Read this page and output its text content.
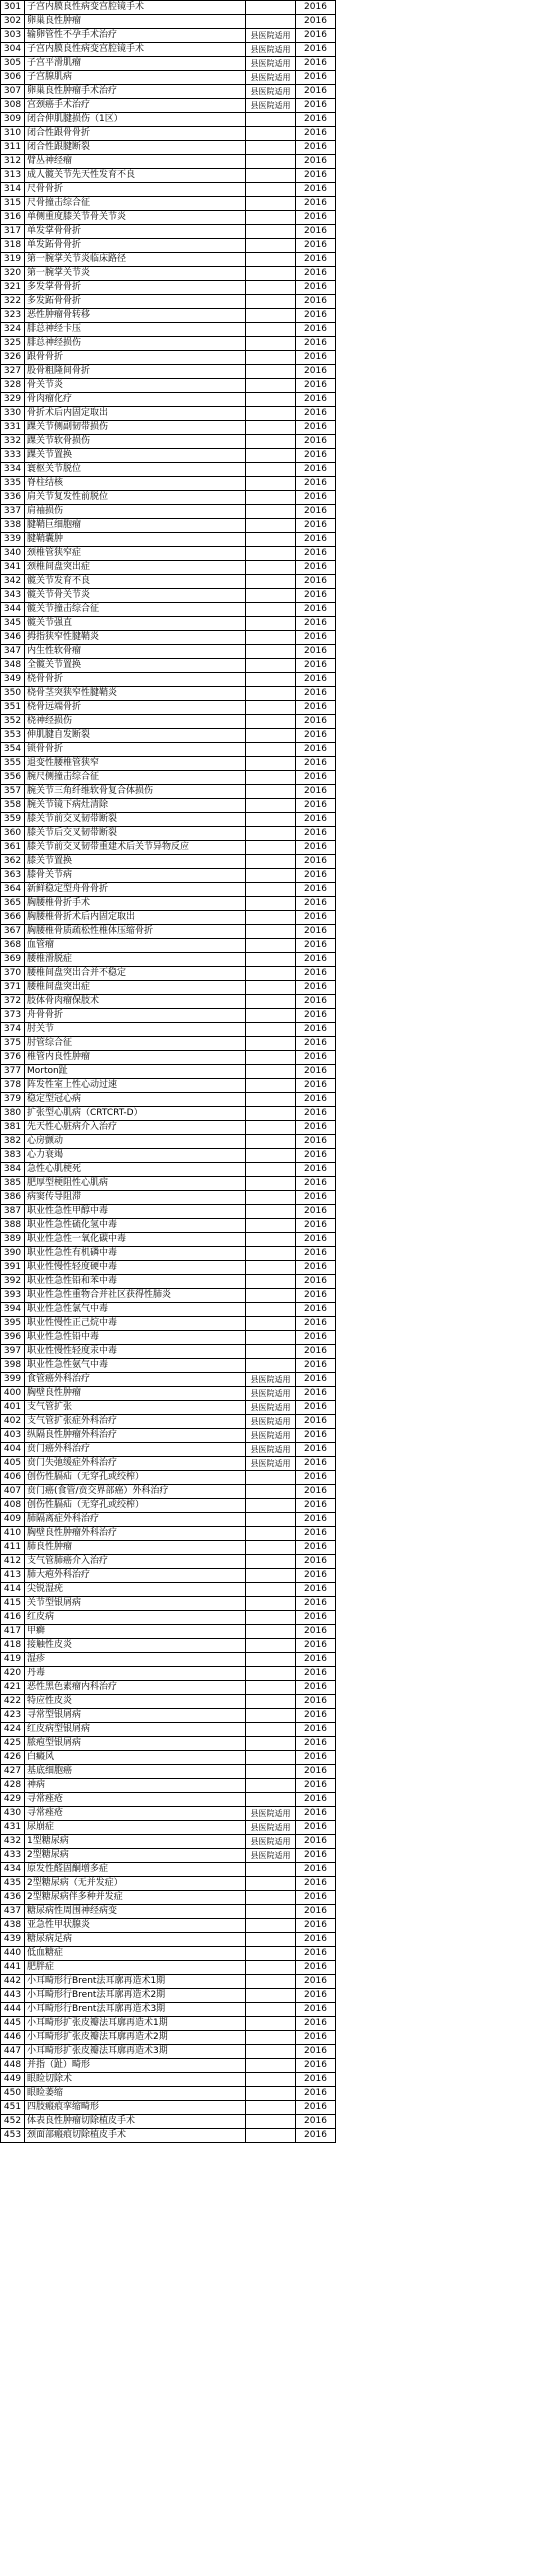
301	子宫内膜良性病变宫腔镜手术		2016
302	卵巢良性肿瘤		2016
303	输卵管性不孕手术治疗	县医院适用	2016
304	子宫内膜良性病变宫腔镜手术	县医院适用	2016
305	子宫平滑肌瘤	县医院适用	2016
306	子宫腺肌病	县医院适用	2016
307	卵巢良性肿瘤手术治疗	县医院适用	2016
308	宫颈癌手术治疗	县医院适用	2016
309	闭合伸肌腱损伤（1区）		2016
310	闭合性跟骨骨折		2016
311	闭合性跟腱断裂		2016
312	臂丛神经瘤		2016
313	成人髋关节先天性发育不良		2016
314	尺骨骨折		2016
315	尺骨撞击综合征		2016
316	单侧重度膝关节骨关节炎		2016
317	单发掌骨骨折		2016
318	单发跖骨骨折		2016
319	第一腕掌关节炎临床路径		2016
320	第一腕掌关节炎		2016
321	多发掌骨骨折		2016
322	多发跖骨骨折		2016
323	恶性肿瘤骨转移		2016
324	腓总神经卡压		2016
325	腓总神经损伤		2016
326	跟骨骨折		2016
327	股骨粗隆间骨折		2016
328	骨关节炎		2016
329	骨肉瘤化疗		2016
330	骨折术后内固定取出		2016
331	踝关节侧副韧带损伤		2016
332	踝关节软骨损伤		2016
333	踝关节置换		2016
334	寰枢关节脱位		2016
335	脊柱结核		2016
336	肩关节复发性前脱位		2016
337	肩袖损伤		2016
338	腱鞘巨细胞瘤		2016
339	腱鞘囊肿		2016
340	颈椎管狭窄症		2016
341	颈椎间盘突出症		2016
342	髋关节发育不良		2016
343	髋关节骨关节炎		2016
344	髋关节撞击综合征		2016
345	髋关节强直		2016
346	拇指狭窄性腱鞘炎		2016
347	内生性软骨瘤		2016
348	全髋关节置换		2016
349	桡骨骨折		2016
350	桡骨茎突狭窄性腱鞘炎		2016
351	桡骨远端骨折		2016
352	桡神经损伤		2016
353	伸肌腱自发断裂		2016
354	锁骨骨折		2016
355	退变性腰椎管狭窄		2016
356	腕尺侧撞击综合征		2016
357	腕关节三角纤维软骨复合体损伤		2016
358	腕关节镜下病灶清除		2016
359	膝关节前交叉韧带断裂		2016
360	膝关节后交叉韧带断裂		2016
361	膝关节前交叉韧带重建术后关节异物反应		2016
362	膝关节置换		2016
363	膝骨关节病		2016
364	新鲜稳定型舟骨骨折		2016
365	胸腰椎骨折手术		2016
366	胸腰椎骨折术后内固定取出		2016
367	胸腰椎骨质疏松性椎体压缩骨折		2016
368	血管瘤		2016
369	腰椎滑脱症		2016
370	腰椎间盘突出合并不稳定		2016
371	腰椎间盘突出症		2016
372	肢体骨肉瘤保肢术		2016
373	舟骨骨折		2016
374	肘关节		2016
375	肘管综合征		2016
376	椎管内良性肿瘤		2016
377	Morton趾		2016
378	阵发性室上性心动过速		2016
379	稳定型冠心病		2016
380	扩张型心肌病（CRTCRT-D）		2016
381	先天性心脏病介入治疗		2016
382	心房颤动		2016
383	心力衰竭		2016
384	急性心肌梗死		2016
385	肥厚型梗阻性心肌病		2016
386	病窦传导阻滞		2016
387	职业性急性甲醇中毒		2016
388	职业性急性硫化氢中毒		2016
389	职业性急性一氧化碳中毒		2016
390	职业性急性有机磷中毒		2016
391	职业性慢性轻度硬中毒		2016
392	职业性急性铅和苯中毒		2016
393	职业性急性重物合并社区获得性肺炎		2016
394	职业性急性氯气中毒		2016
395	职业性慢性正己烷中毒		2016
396	职业性急性铅中毒		2016
397	职业性慢性轻度汞中毒		2016
398	职业性急性氨气中毒		2016
399	食管癌外科治疗	县医院适用	2016
400	胸壁良性肿瘤	县医院适用	2016
401	支气管扩张	县医院适用	2016
402	支气管扩张症外科治疗	县医院适用	2016
403	纵隔良性肿瘤外科治疗	县医院适用	2016
404	贲门癌外科治疗	县医院适用	2016
405	贲门失弛缓症外科治疗	县医院适用	2016
406	创伤性膈疝（无穿孔或绞榨）		2016
407	贲门癌(食管/贲交界部癌）外科治疗		2016
408	创伤性膈疝（无穿孔或绞榨）		2016
409	肺隔离症外科治疗		2016
410	胸壁良性肿瘤外科治疗		2016
411	肺良性肿瘤		2016
412	支气管肺癌介入治疗		2016
413	肺大疱外科治疗		2016
414	尖锐湿疣		2016
415	关节型银屑病		2016
416	红皮病		2016
417	甲癣		2016
418	接触性皮炎		2016
419	湿疹		2016
420	丹毒		2016
421	恶性黑色素瘤内科治疗		2016
422	特应性皮炎		2016
423	寻常型银屑病		2016
424	红皮病型银屑病		2016
425	脓疱型银屑病		2016
426	白癜风		2016
427	基底细胞癌		2016
428	神病		2016
429	寻常痤疮		2016
430	寻常痤疮	县医院适用	2016
431	尿崩症	县医院适用	2016
432	1型糖尿病	县医院适用	2016
433	2型糖尿病	县医院适用	2016
434	原发性醛固酮增多症		2016
435	2型糖尿病（无并发症）		2016
436	2型糖尿病伴多种并发症		2016
437	糖尿病性周围神经病变		2016
438	亚急性甲状腺炎		2016
439	糖尿病足病		2016
440	低血糖症		2016
441	肥胖症		2016
442	小耳畸形行Brent法耳廓再造术1期		2016
443	小耳畸形行Brent法耳廓再造术2期		2016
444	小耳畸形行Brent法耳廓再造术3期		2016
445	小耳畸形扩张皮瓣法耳廓再造术1期		2016
446	小耳畸形扩张皮瓣法耳廓再造术2期		2016
447	小耳畸形扩张皮瓣法耳廓再造术3期		2016
448	并指（趾）畸形		2016
449	眼睑切除术		2016
450	眼睑萎缩		2016
451	四肢瘢痕挛缩畸形		2016
452	体表良性肿瘤切除植皮手术		2016
453	颈面部瘢痕切除植皮手术		2016
